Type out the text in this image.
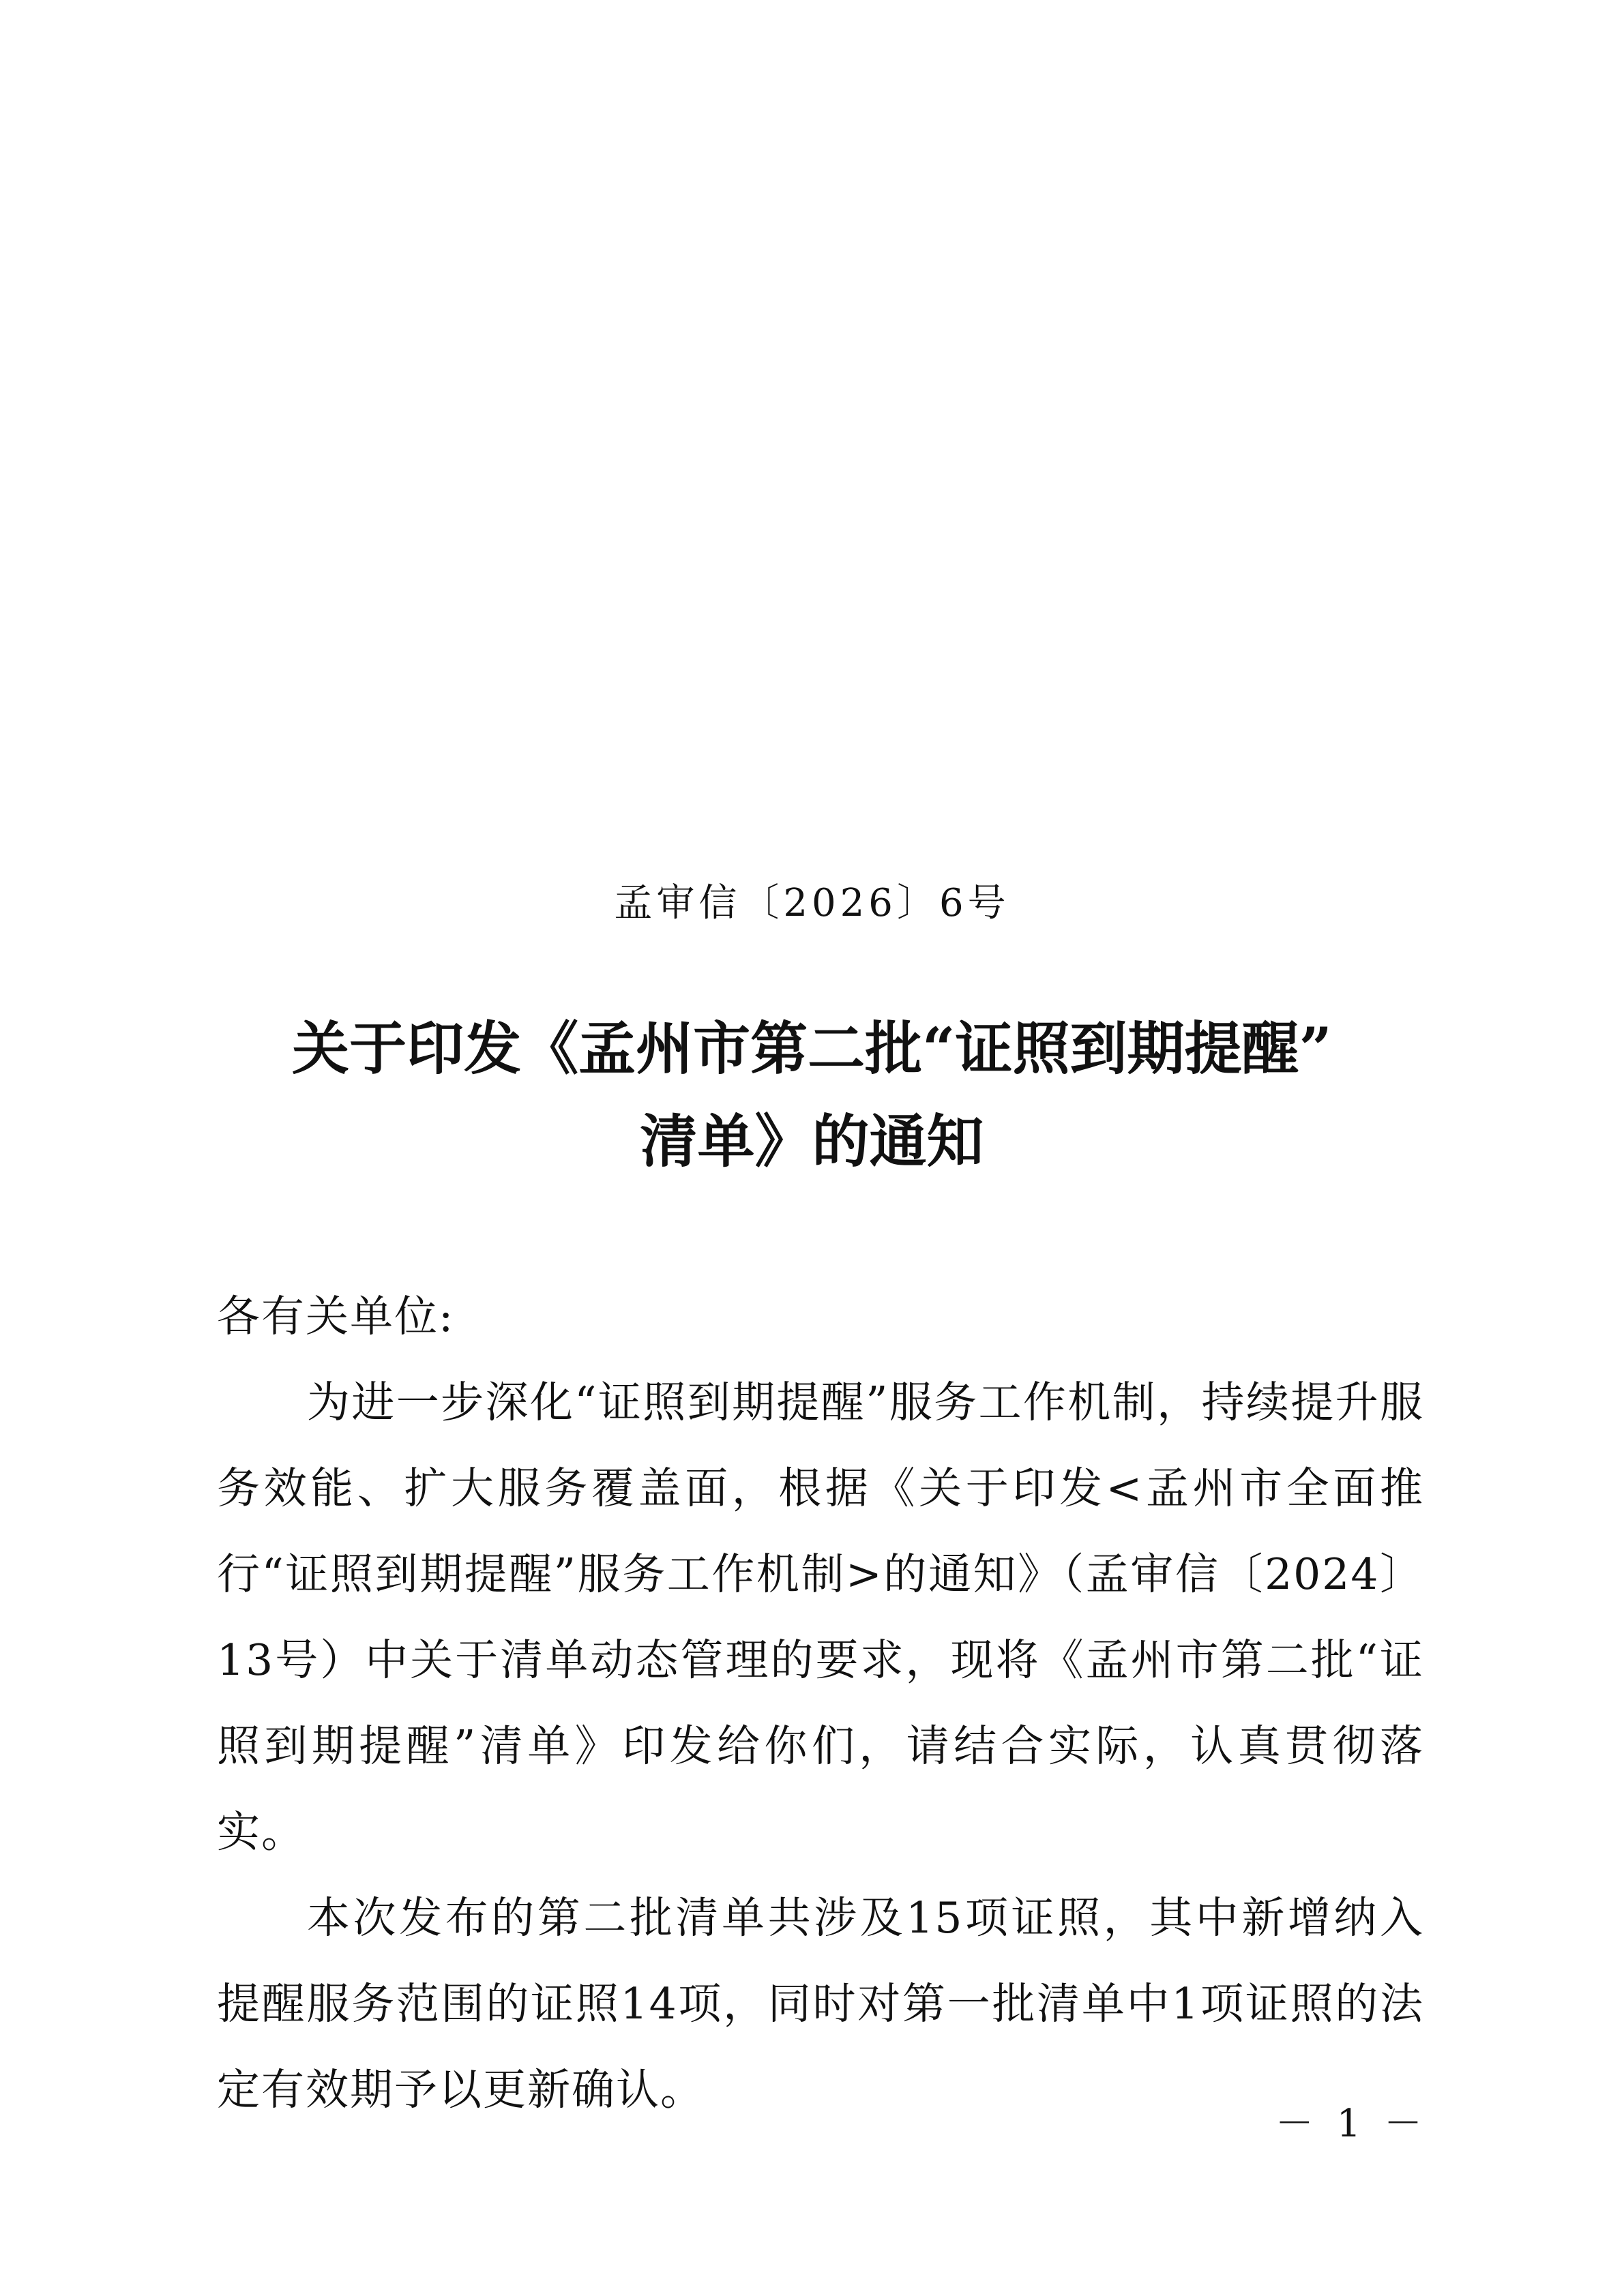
孟审信〔2026〕6号
关于印发《孟州市第二批“证照到期提醒”
清单》的通知

各有关单位:

为进一步深化“证照到期提醒”服务工作机制，持续提升服务效能、扩大服务覆盖面，根据《关于印发<孟州市全面推行“证照到期提醒”服务工作机制>的通知》（孟审信〔2024〕13号）中关于清单动态管理的要求，现将《孟州市第二批“证照到期提醒”清单》印发给你们，请结合实际，认真贯彻落实。

本次发布的第二批清单共涉及15项证照，其中新增纳入提醒服务范围的证照14项，同时对第一批清单中1项证照的法定有效期予以更新确认。

－ 1 －
